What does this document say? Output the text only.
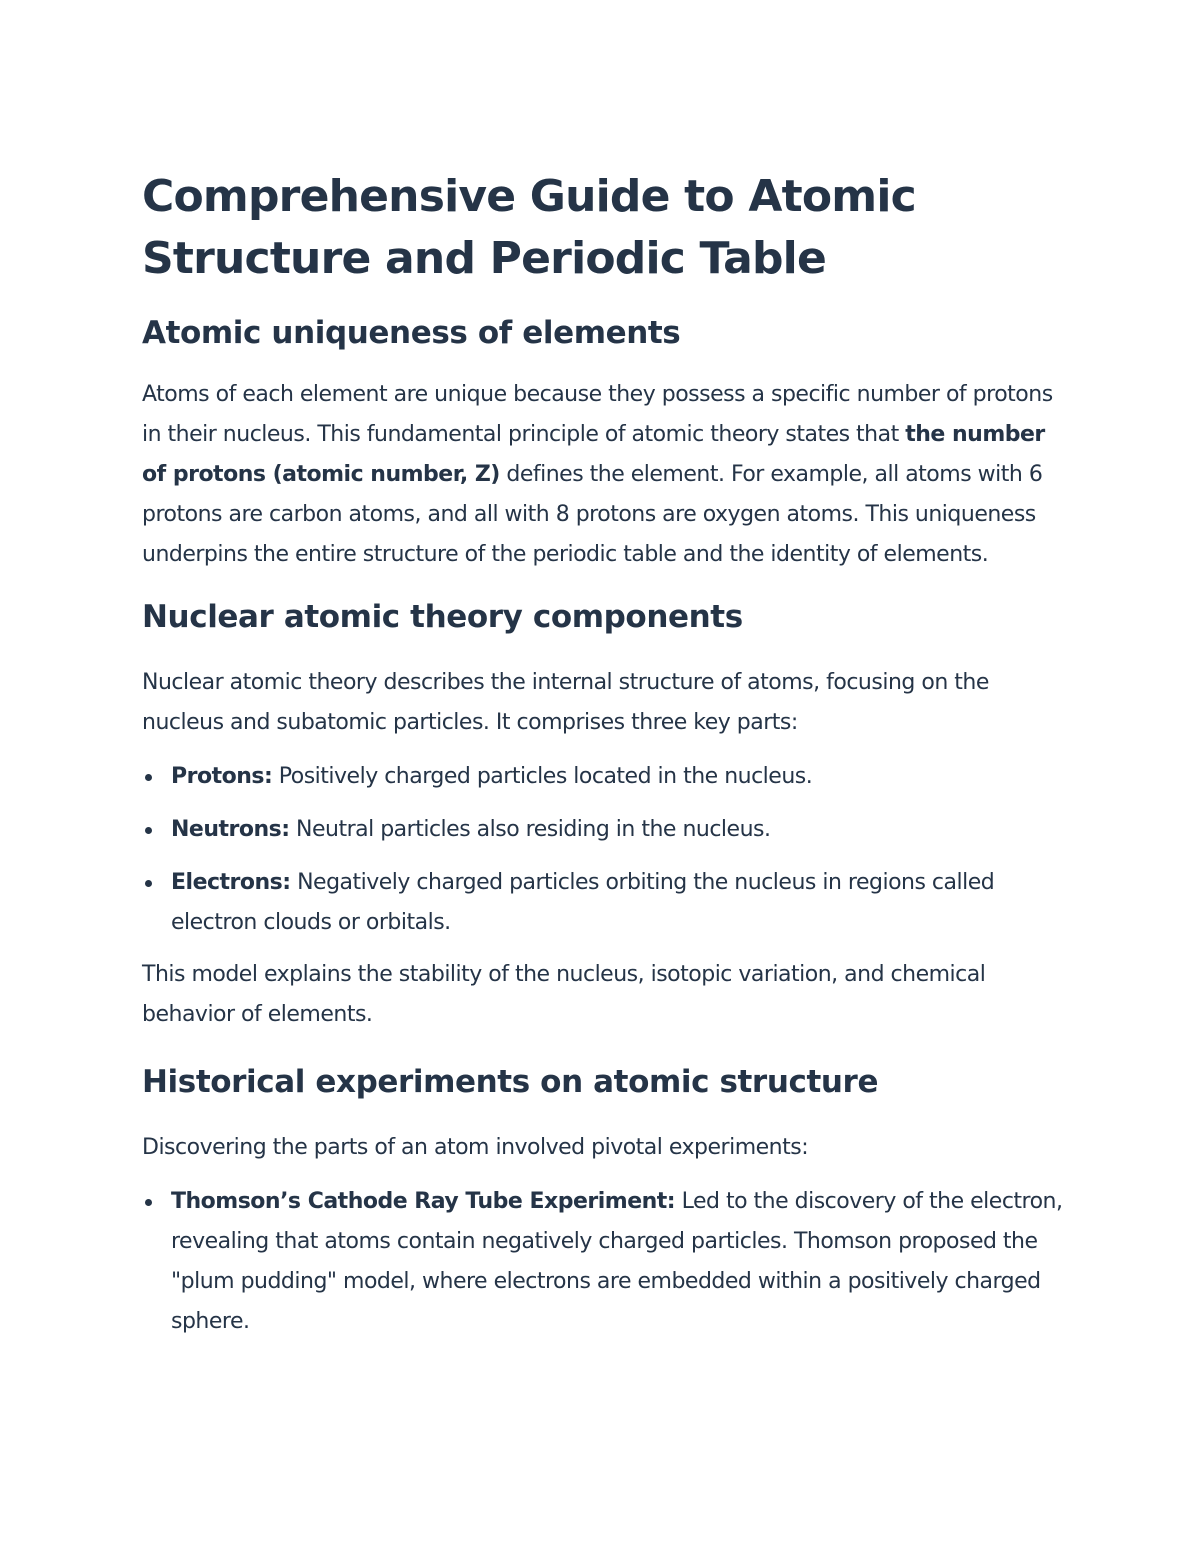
Comprehensive Guide to Atomic Structure and Periodic Table
Atomic uniqueness of elements

Atoms of each element are unique because they possess a specific number of protons in their nucleus. This fundamental principle of atomic theory states that the number of protons (atomic number, Z) defines the element. For example, all atoms with 6 protons are carbon atoms, and all with 8 protons are oxygen atoms. This uniqueness underpins the entire structure of the periodic table and the identity of elements.

Nuclear atomic theory components

Nuclear atomic theory describes the internal structure of atoms, focusing on the nucleus and subatomic particles. It comprises three key parts:

Protons: Positively charged particles located in the nucleus.
Neutrons: Neutral particles also residing in the nucleus.
Electrons: Negatively charged particles orbiting the nucleus in regions called electron clouds or orbitals.

This model explains the stability of the nucleus, isotopic variation, and chemical behavior of elements.

Historical experiments on atomic structure

Discovering the parts of an atom involved pivotal experiments:

Thomson’s Cathode Ray Tube Experiment: Led to the discovery of the electron, revealing that atoms contain negatively charged particles. Thomson proposed the "plum pudding" model, where electrons are embedded within a positively charged sphere.
